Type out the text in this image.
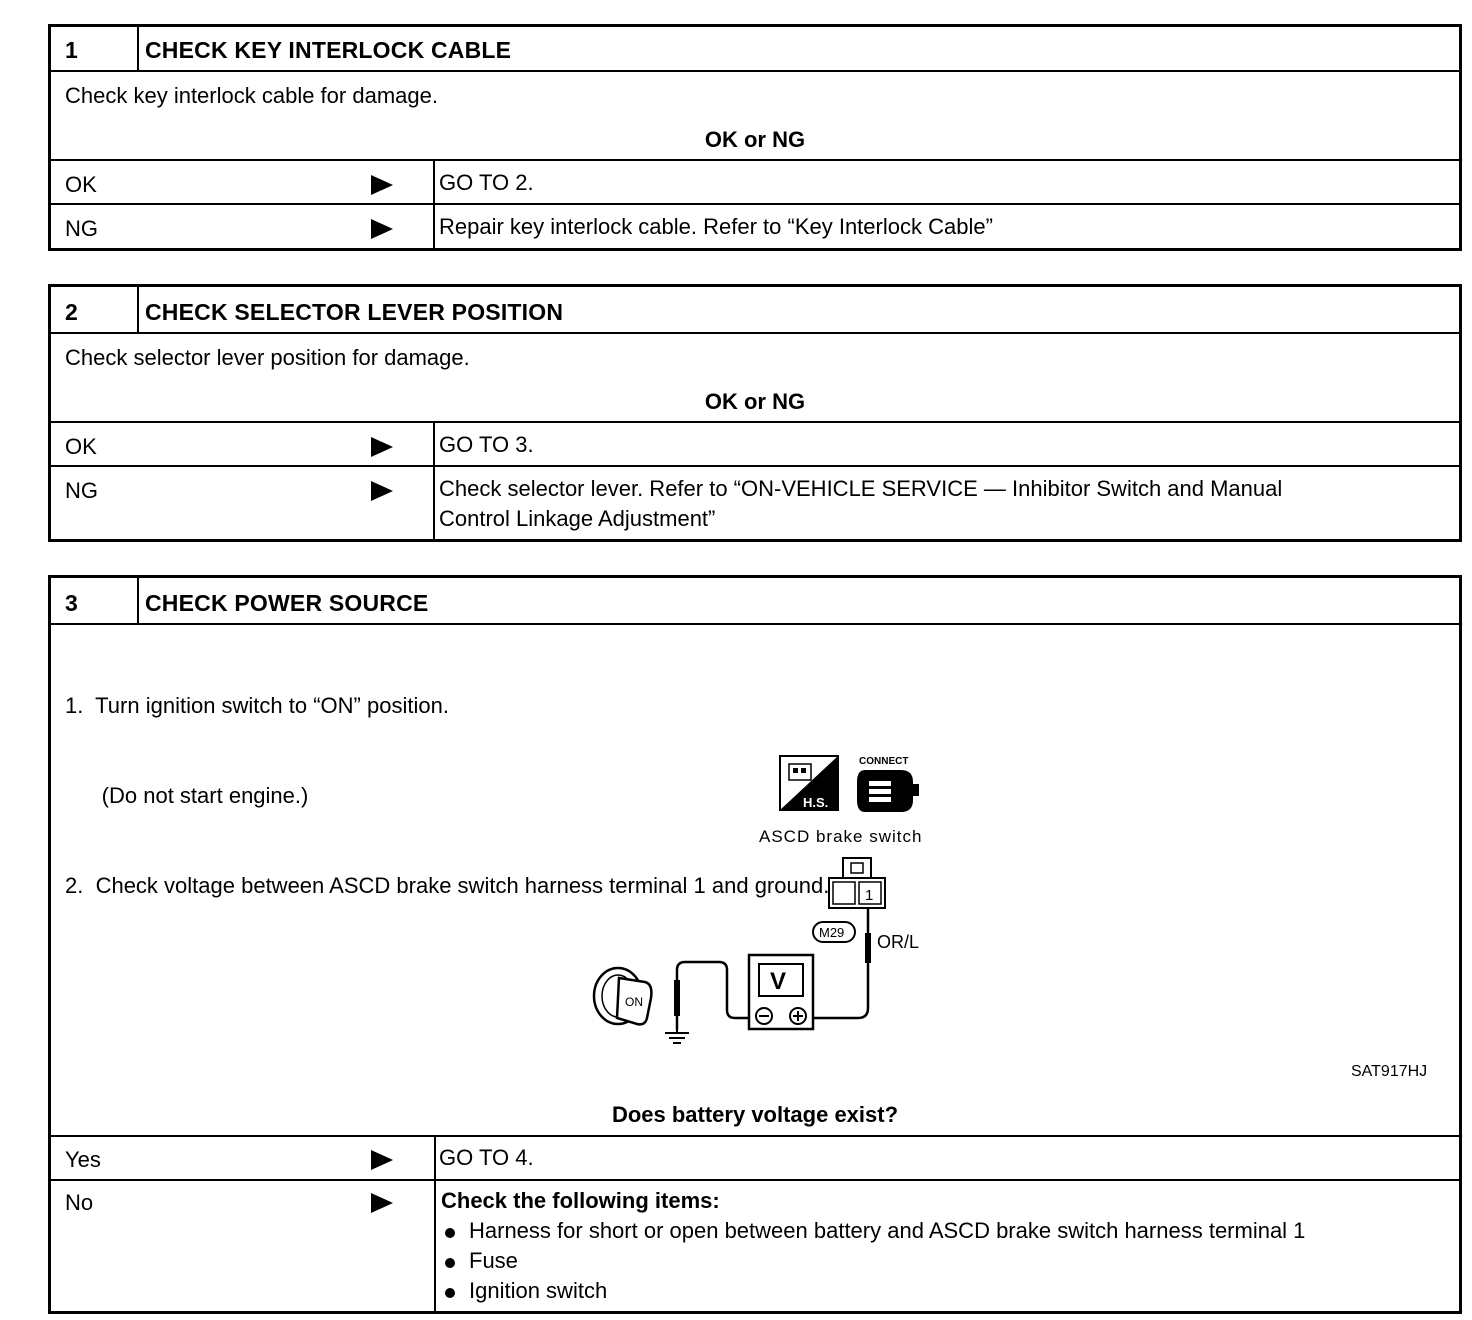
1	CHECK KEY INTERLOCK CABLE
Check key interlock cable for damage.
OK or NG
OK	GO TO 2.
NG	Repair key interlock cable. Refer to “Key Interlock Cable”
2	CHECK SELECTOR LEVER POSITION
Check selector lever position for damage.
OK or NG
OK	GO TO 3.
NG	Check selector lever. Refer to “ON-VEHICLE SERVICE — Inhibitor Switch and Manual
Control Linkage Adjustment”
3	CHECK POWER SOURCE

1.  Turn ignition switch to “ON” position.

(Do not start engine.)

2.  Check voltage between ASCD brake switch harness terminal 1 and ground.

H.S.
CONNECT
ASCD brake switch
1
M29 OR/L
V
ON
SAT917HJ
Does battery voltage exist?
Yes	GO TO 4.
No	Check the following items:
Harness for short or open between battery and ASCD brake switch harness terminal 1
Fuse
Ignition switch
